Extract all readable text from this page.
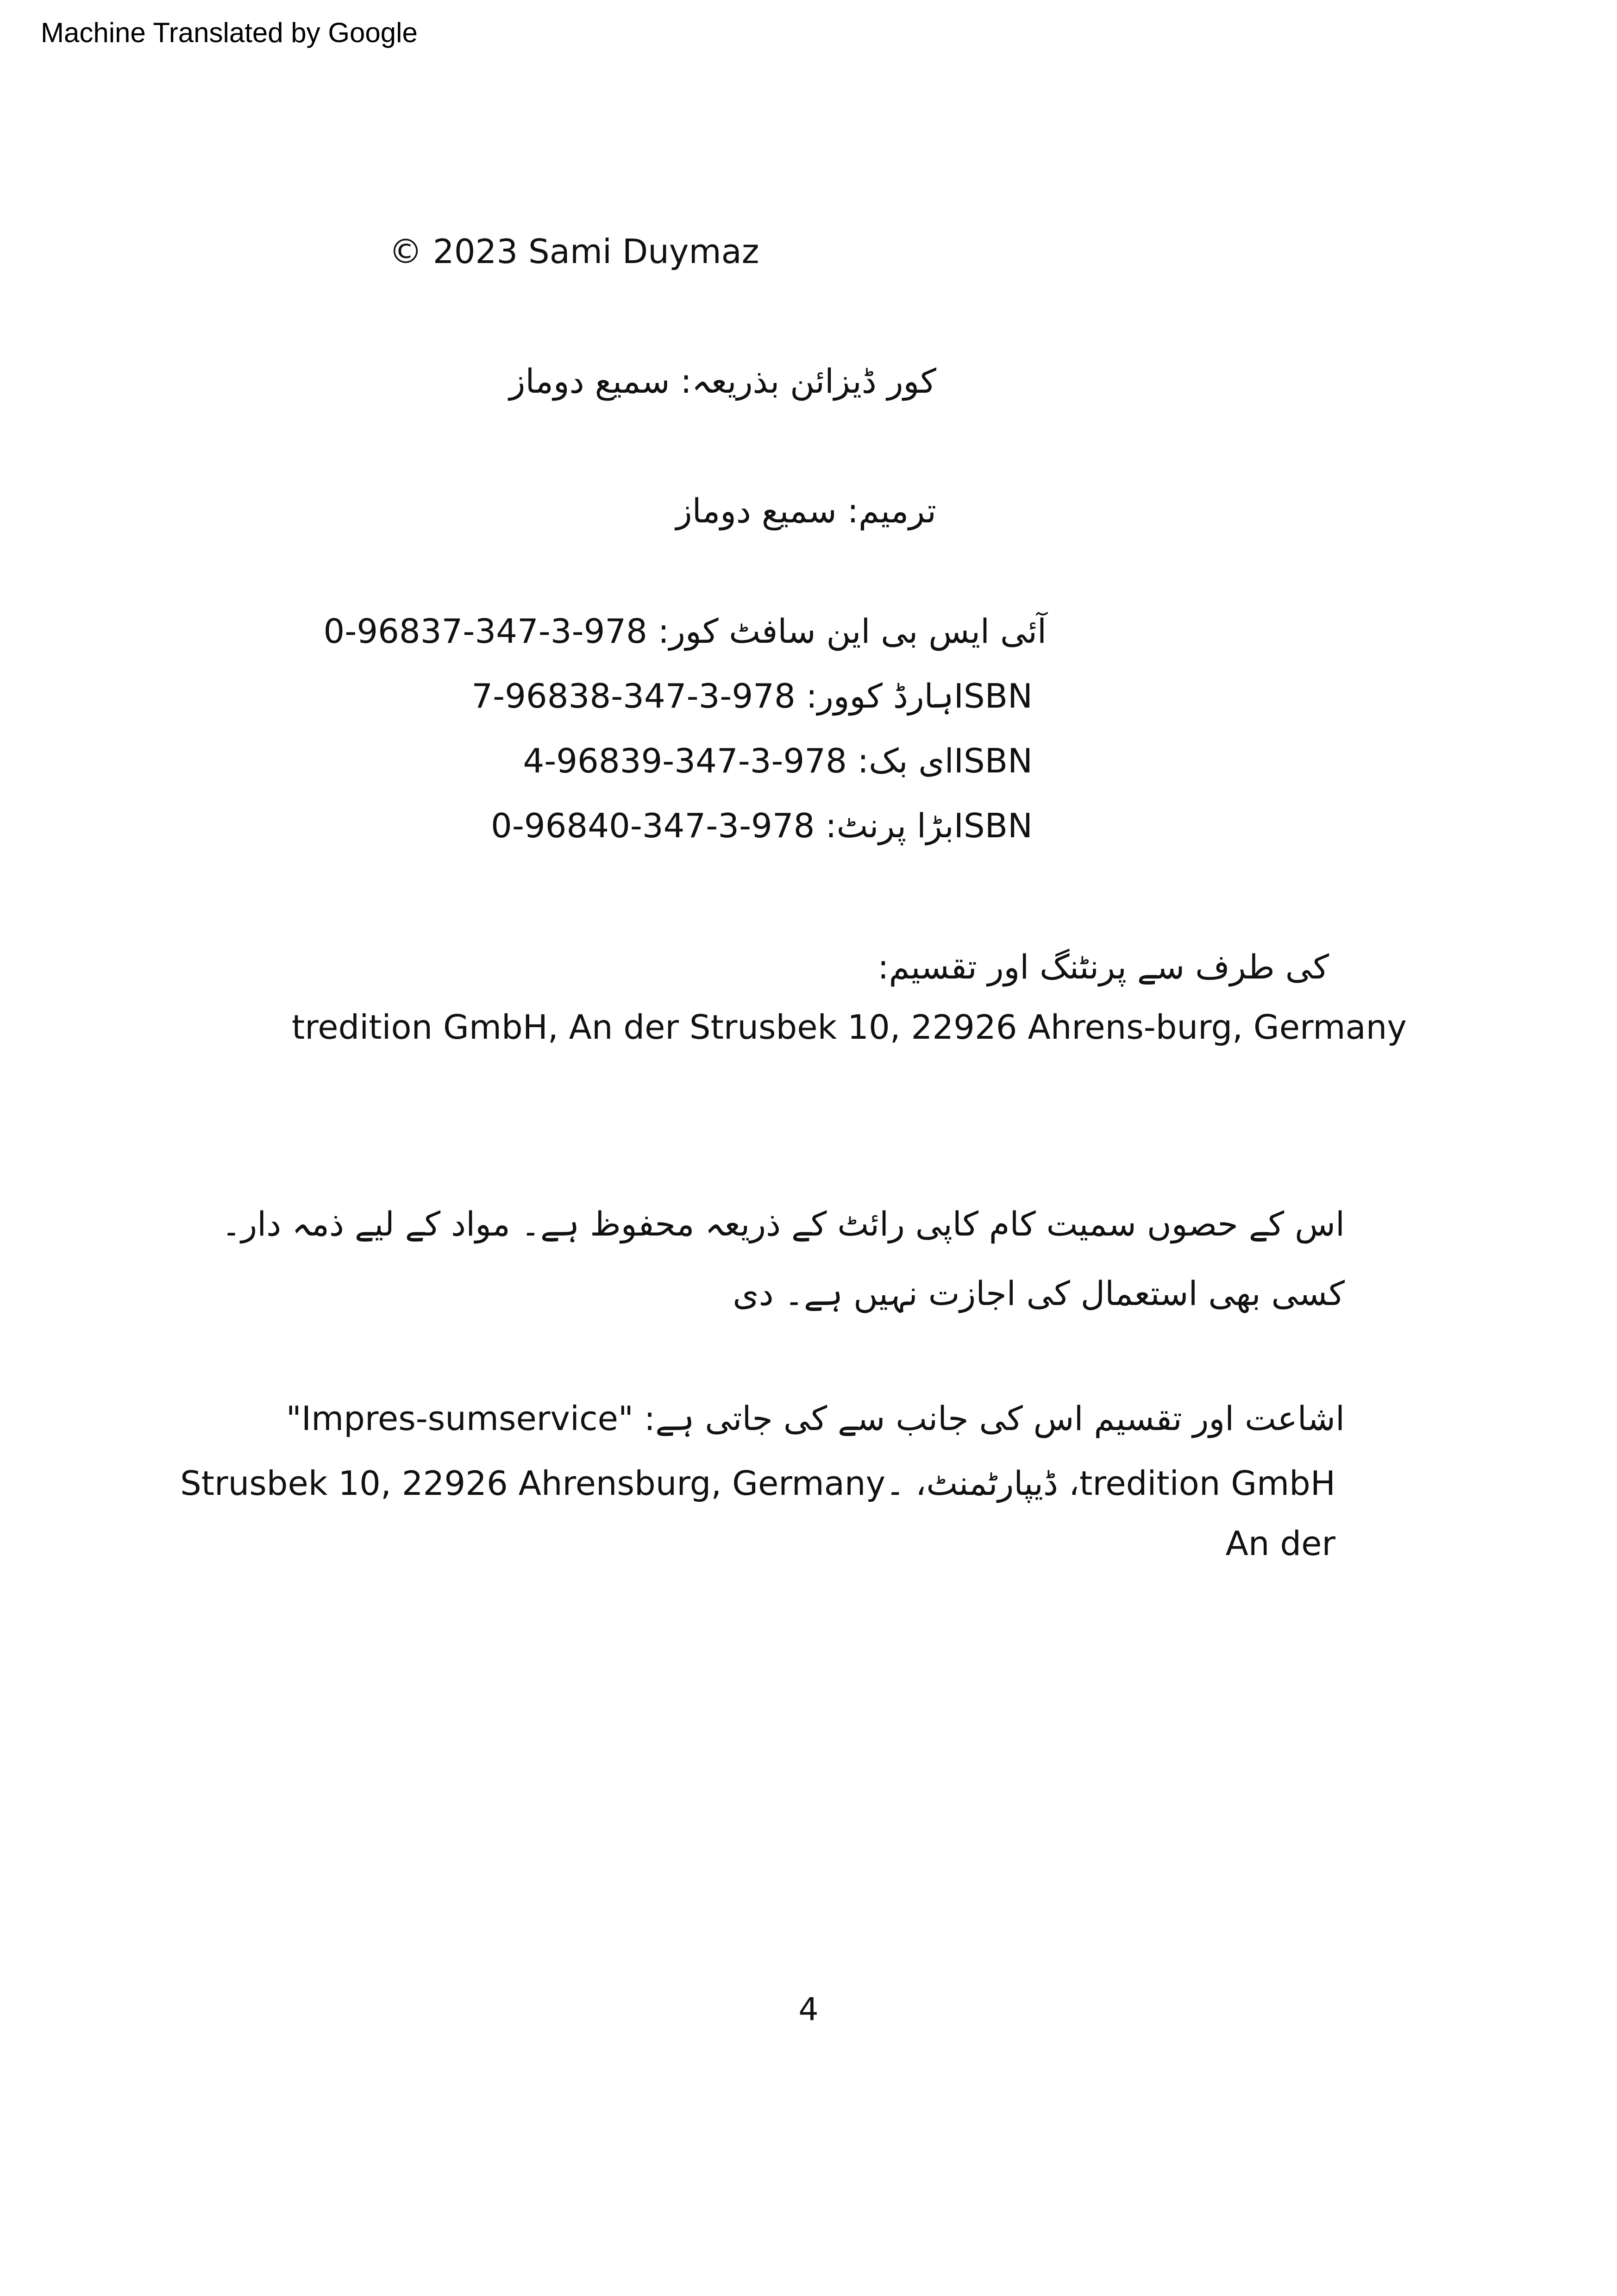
Machine Translated by Google
© 2023 Sami Duymaz
کور ڈیزائن بذریعہ: سمیع دوماز
ترمیم: سمیع دوماز
آئی ایس بی این سافٹ کور: 978-3-347-96837-0
ISBNہارڈ کوور: 978-3-347-96838-7
ISBNای بک: 978-3-347-96839-4
ISBNبڑا پرنٹ: 978-3-347-96840-0
کی طرف سے پرنٹنگ اور تقسیم:
tredition GmbH, An der Strusbek 10, 22926 Ahrens-burg, Germany
اس کے حصوں سمیت کام کاپی رائٹ کے ذریعہ محفوظ ہے۔ مواد کے لیے ذمہ دار۔
کسی بھی استعمال کی اجازت نہیں ہے۔ دی
اشاعت اور تقسیم اس کی جانب سے کی جاتی ہے: "Impres-sumservice"
tredition GmbH، ڈیپارٹمنٹ، ۔Strusbek 10, 22926 Ahrensburg, Germany
An der
4
